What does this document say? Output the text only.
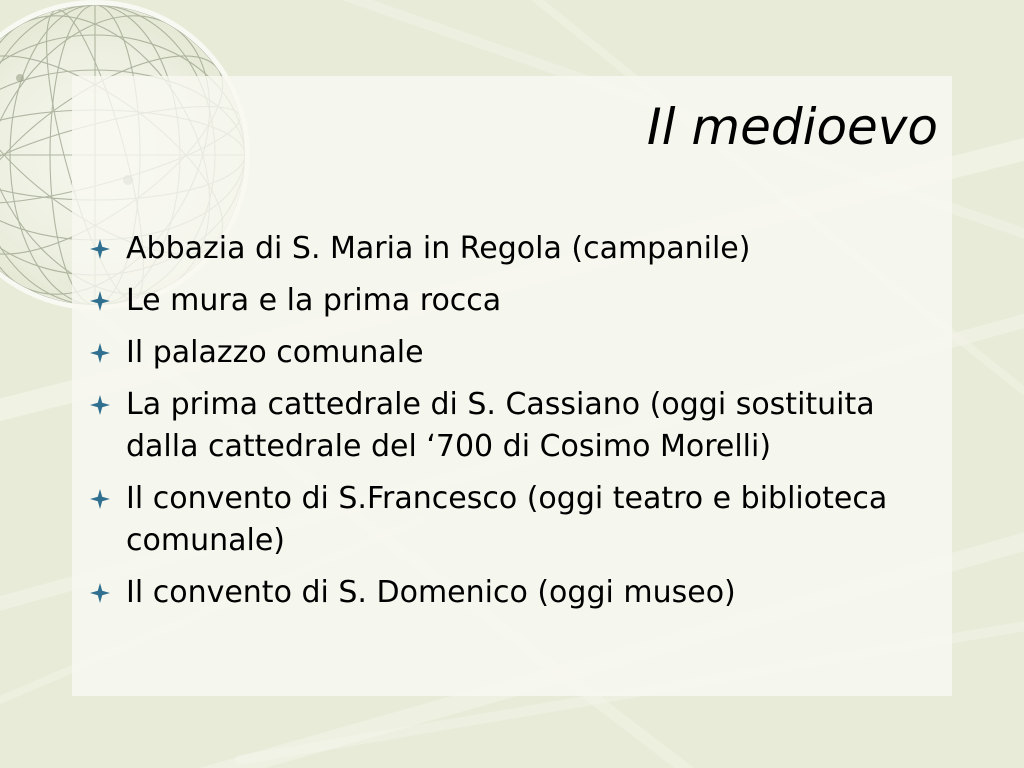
Il medioevo
Abbazia di S. Maria in Regola (campanile)
Le mura e la prima rocca
Il palazzo comunale
La prima cattedrale di S. Cassiano (oggi sostituita dalla cattedrale del ‘700 di Cosimo Morelli)
Il convento di S.Francesco (oggi teatro e biblioteca comunale)
Il convento di S. Domenico (oggi museo)
